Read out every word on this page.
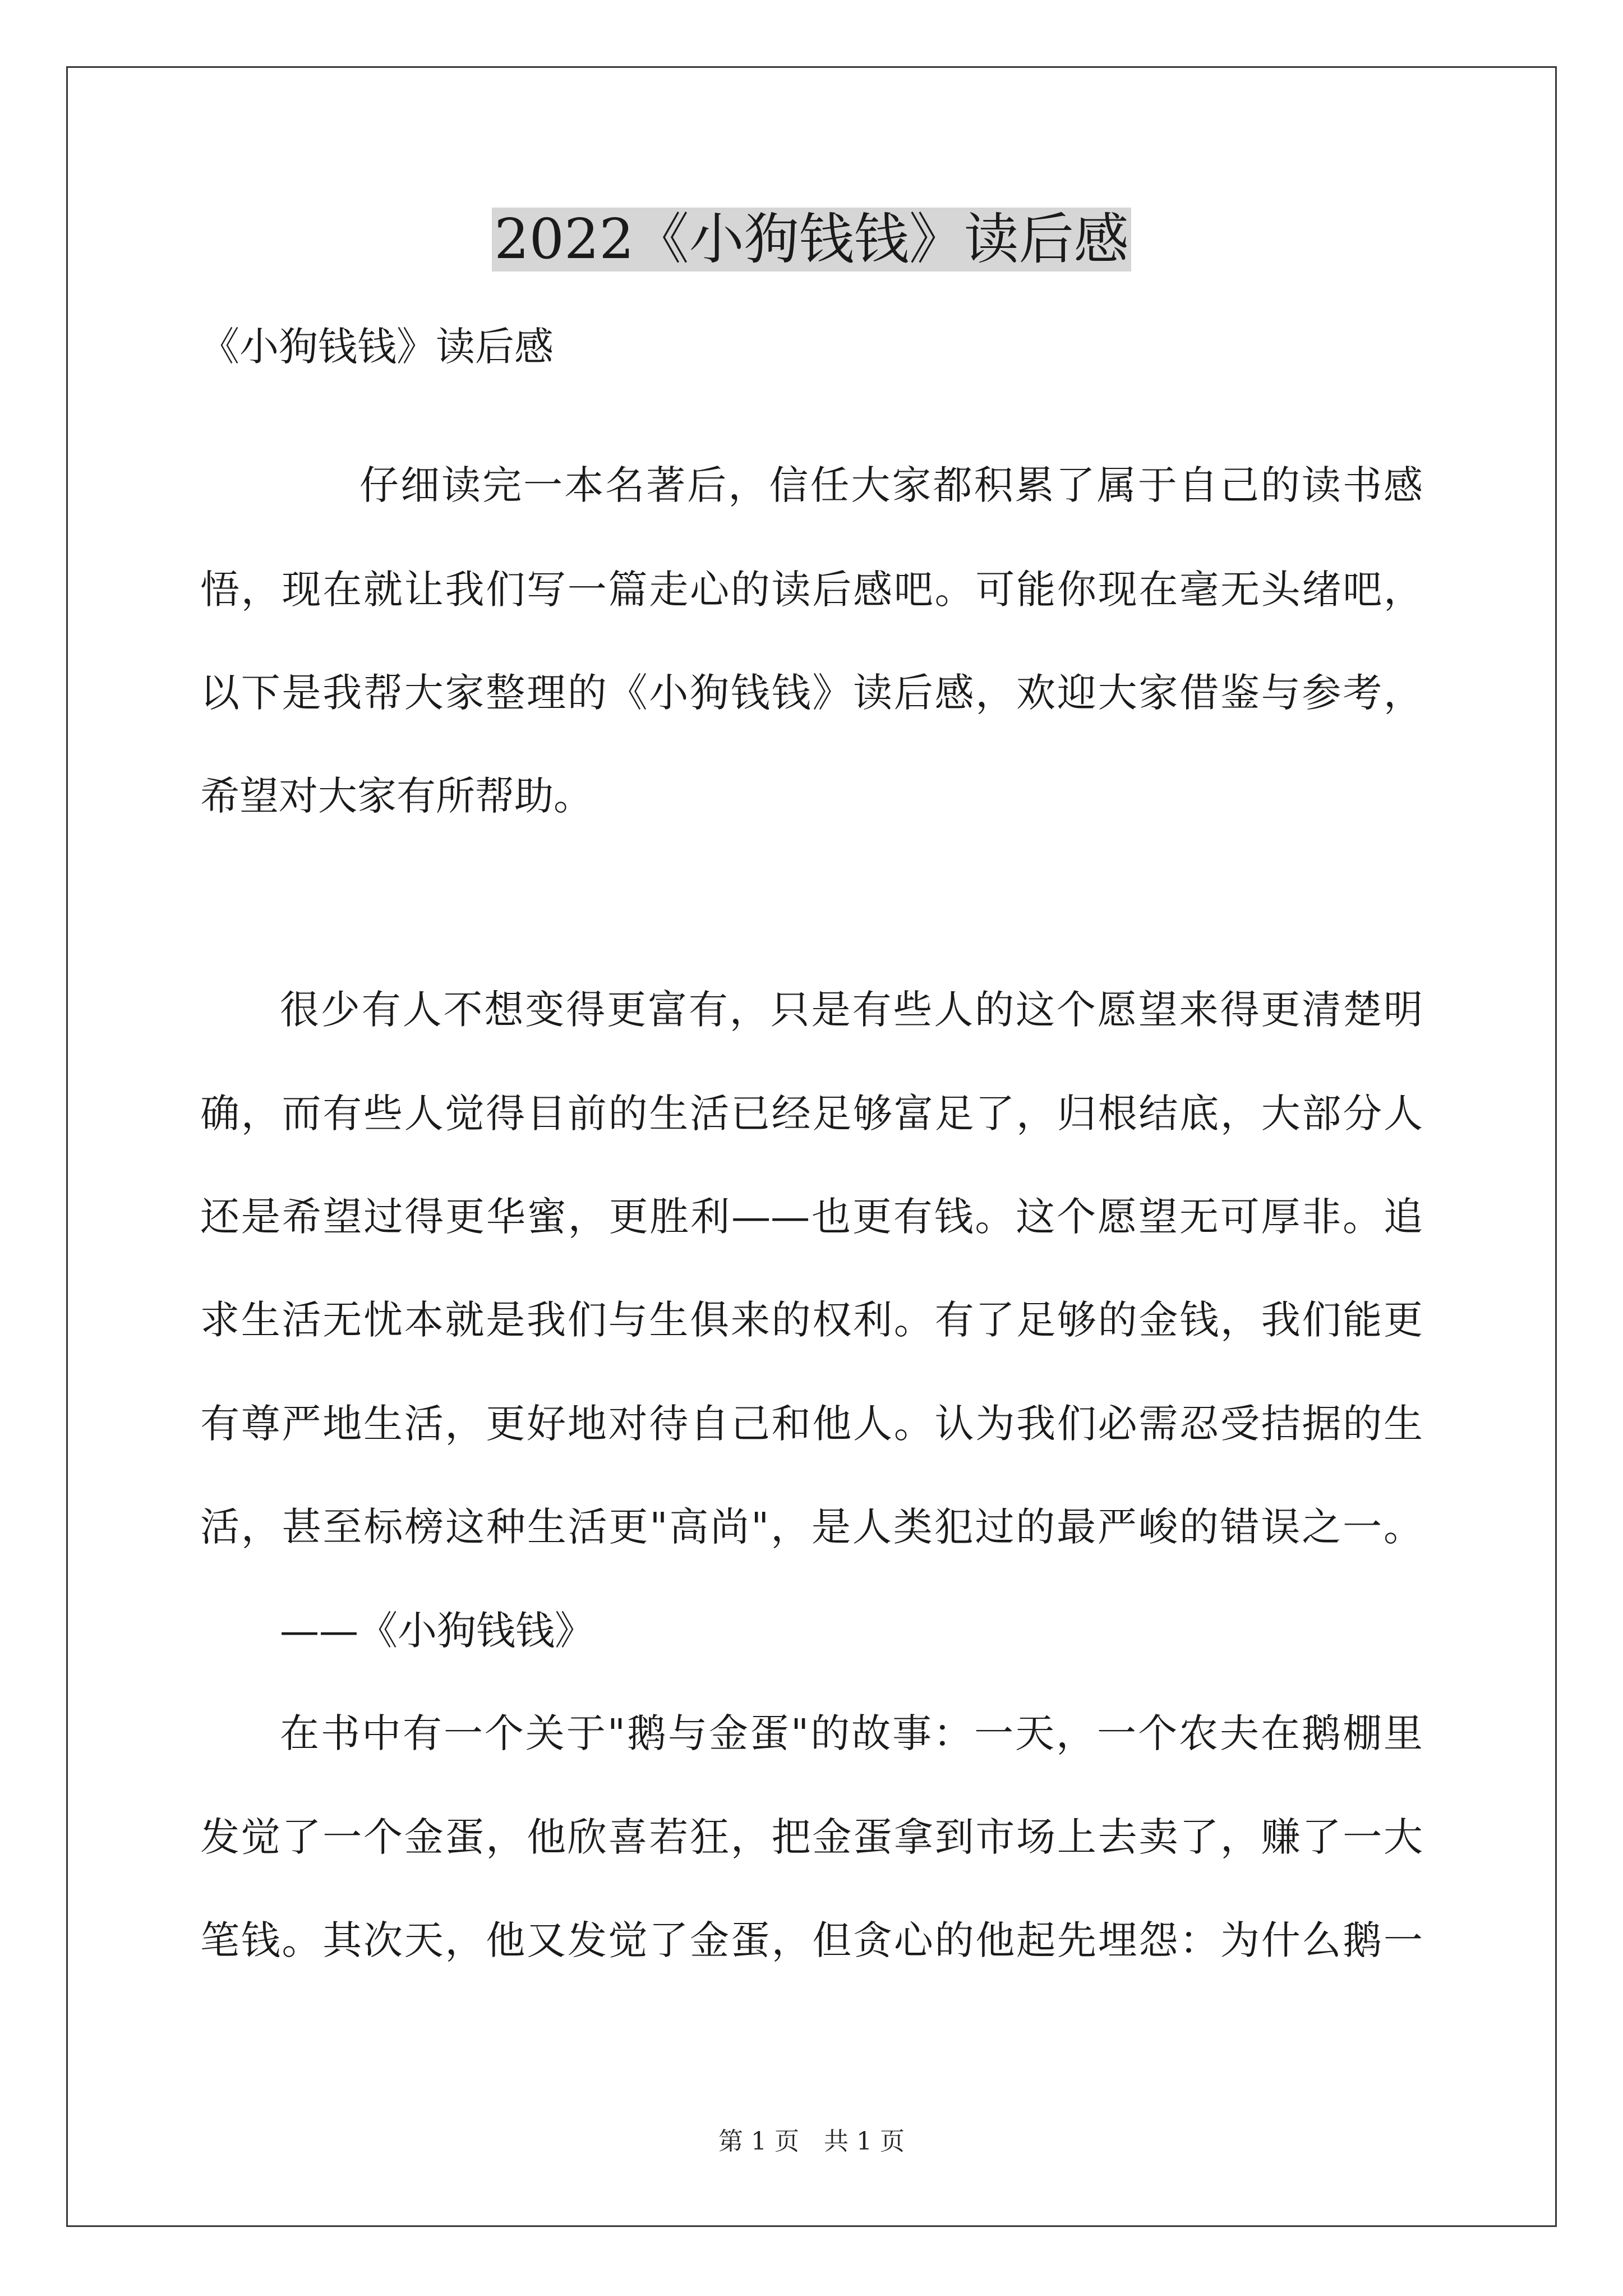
2022《小狗钱钱》读后感
《小狗钱钱》读后感
仔细读完一本名著后，信任大家都积累了属于自己的读书感
悟，现在就让我们写一篇走心的读后感吧。可能你现在毫无头绪吧，
以下是我帮大家整理的《小狗钱钱》读后感，欢迎大家借鉴与参考，
希望对大家有所帮助。
很少有人不想变得更富有，只是有些人的这个愿望来得更清楚明
确，而有些人觉得目前的生活已经足够富足了，归根结底，大部分人
还是希望过得更华蜜，更胜利——也更有钱。这个愿望无可厚非。追
求生活无忧本就是我们与生俱来的权利。有了足够的金钱，我们能更
有尊严地生活，更好地对待自己和他人。认为我们必需忍受拮据的生
活，甚至标榜这种生活更"高尚"，是人类犯过的最严峻的错误之一。
——《小狗钱钱》
在书中有一个关于"鹅与金蛋"的故事：一天，一个农夫在鹅棚里
发觉了一个金蛋，他欣喜若狂，把金蛋拿到市场上去卖了，赚了一大
笔钱。其次天，他又发觉了金蛋，但贪心的他起先埋怨：为什么鹅一
第 1 页　共 1 页
